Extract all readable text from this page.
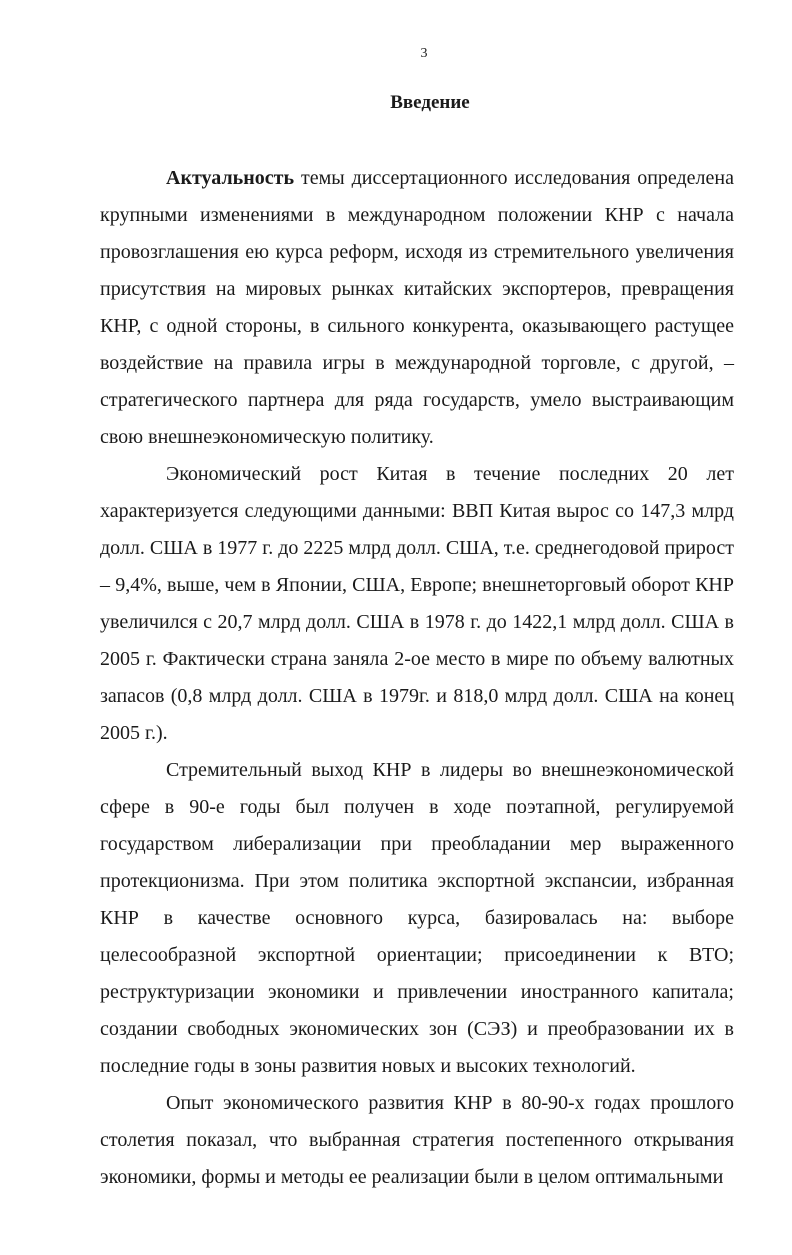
3
Введение

Актуальность темы диссертационного исследования определена крупными изменениями в международном положении КНР с начала провозглашения ею курса реформ, исходя из стремительного увеличения присутствия на мировых рынках китайских экспортеров, превращения КНР, с одной стороны, в сильного конкурента, оказывающего растущее воздействие на правила игры в международной торговле, с другой, – стратегического партнера для ряда государств, умело выстраивающим свою внешнеэкономическую политику.

Экономический рост Китая в течение последних 20 лет характеризуется следующими данными: ВВП Китая вырос со 147,3 млрд долл. США в 1977 г. до 2225 млрд долл. США, т.е. среднегодовой прирост – 9,4%, выше, чем в Японии, США, Европе; внешнеторговый оборот КНР увеличился с 20,7 млрд долл. США в 1978 г. до 1422,1 млрд долл. США в 2005 г. Фактически страна заняла 2-ое место в мире по объему валютных запасов (0,8 млрд долл. США в 1979г. и 818,0 млрд долл. США на конец 2005 г.).

Стремительный выход КНР в лидеры во внешнеэкономической сфере в 90-е годы был получен в ходе поэтапной, регулируемой государством либерализации при преобладании мер выраженного протекционизма. При этом политика экспортной экспансии, избранная КНР в качестве основного курса, базировалась на: выборе целесообразной экспортной ориентации; присоединении к ВТО; реструктуризации экономики и привлечении иностранного капитала; создании свободных экономических зон (СЭЗ) и преобразовании их в последние годы в зоны развития новых и высоких технологий.

Опыт экономического развития КНР в 80-90-х годах прошлого столетия показал, что выбранная стратегия постепенного открывания экономики, формы и методы ее реализации были в целом оптимальными
